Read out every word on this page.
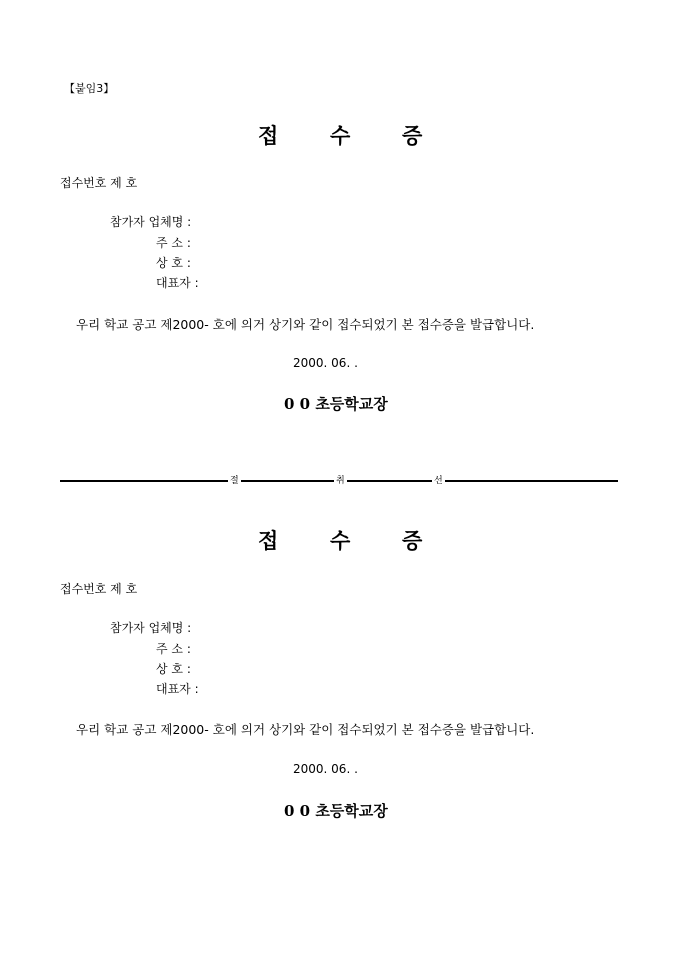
【붙임3】
접 수 증
접수번호 제 호
참가자 업체명 :
주 소 :
상 호 :
대표자 :
우리 학교 공고 제2000- 호에 의거 상기와 같이 접수되었기 본 접수증을 발급합니다.
2000. 06. .
0 0 초등학교장
절	취	선
접 수 증
접수번호 제 호
참가자 업체명 :
주 소 :
상 호 :
대표자 :
우리 학교 공고 제2000- 호에 의거 상기와 같이 접수되었기 본 접수증을 발급합니다.
2000. 06. .
0 0 초등학교장
